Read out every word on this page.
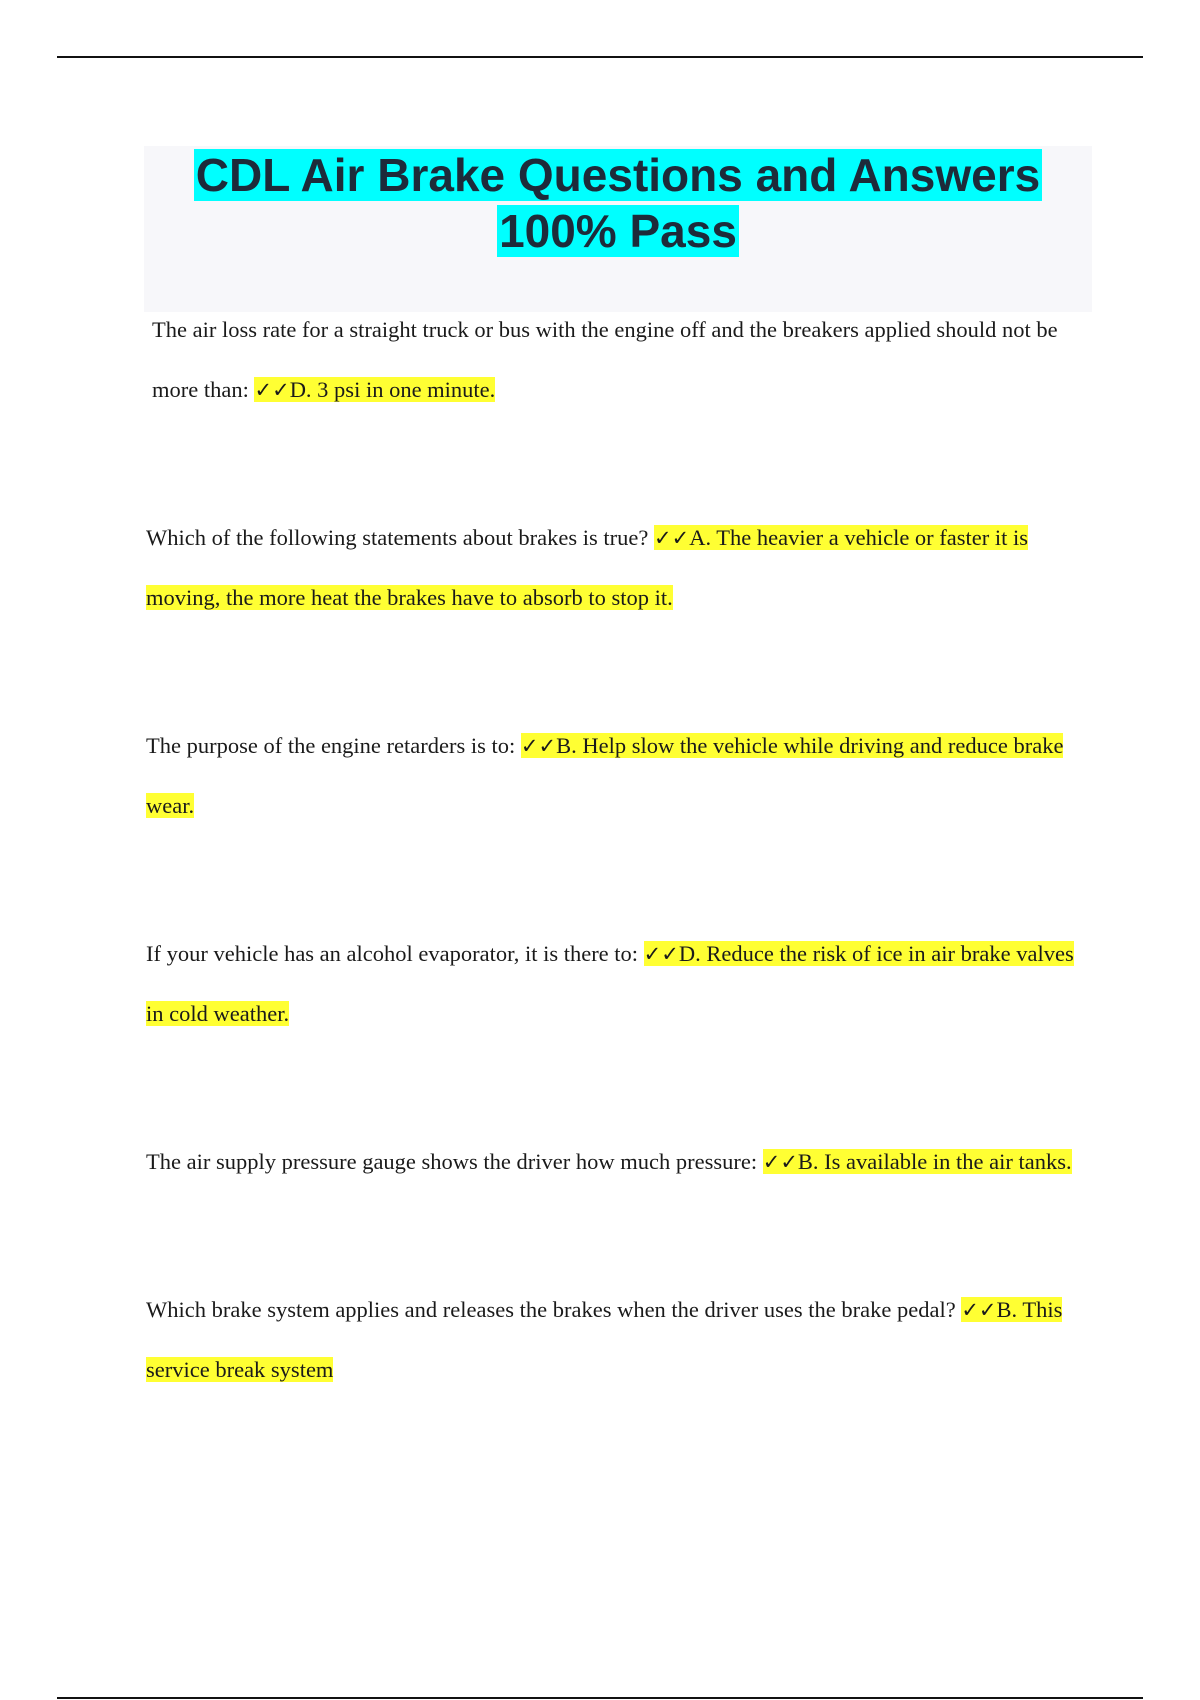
CDL Air Brake Questions and Answers
100% Pass

The air loss rate for a straight truck or bus with the engine off and the breakers applied should not be more than: ✓✓D. 3 psi in one minute.

Which of the following statements about brakes is true? ✓✓A. The heavier a vehicle or faster it is moving, the more heat the brakes have to absorb to stop it.

The purpose of the engine retarders is to: ✓✓B. Help slow the vehicle while driving and reduce brake wear.

If your vehicle has an alcohol evaporator, it is there to: ✓✓D. Reduce the risk of ice in air brake valves in cold weather.

The air supply pressure gauge shows the driver how much pressure: ✓✓B. Is available in the air tanks.

Which brake system applies and releases the brakes when the driver uses the brake pedal? ✓✓B. This service break system
